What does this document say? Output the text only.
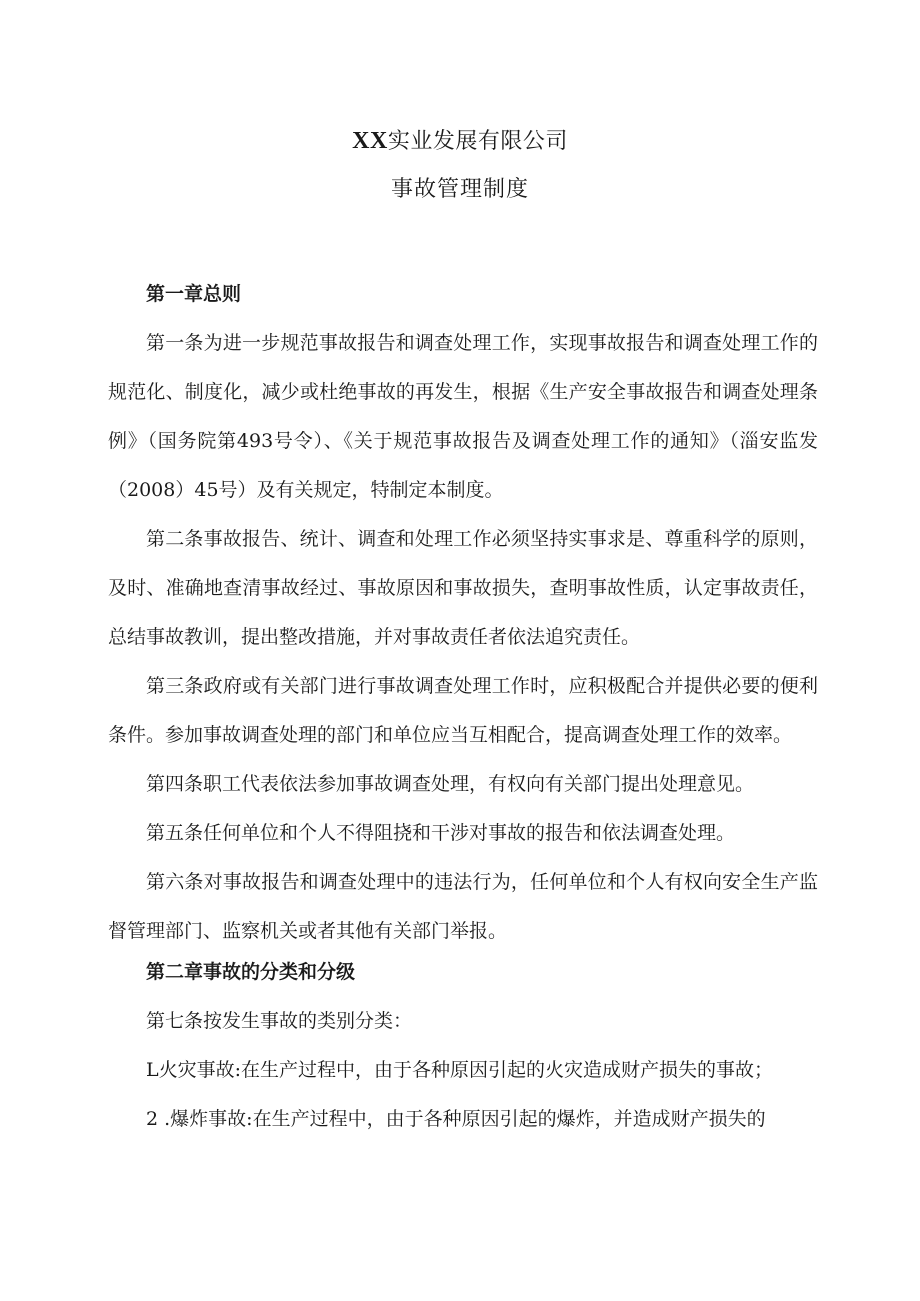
XX实业发展有限公司
事故管理制度

第一章总则

第一条为进一步规范事故报告和调查处理工作，实现事故报告和调查处理工作的规范化、制度化，减少或杜绝事故的再发生，根据《生产安全事故报告和调查处理条例》（国务院第493号令）、《关于规范事故报告及调查处理工作的通知》（淄安监发（2008）45号）及有关规定，特制定本制度。

第二条事故报告、统计、调查和处理工作必须坚持实事求是、尊重科学的原则，及时、准确地查清事故经过、事故原因和事故损失，查明事故性质，认定事故责任，总结事故教训，提出整改措施，并对事故责任者依法追究责任。

第三条政府或有关部门进行事故调查处理工作时，应积极配合并提供必要的便利条件。参加事故调查处理的部门和单位应当互相配合，提高调查处理工作的效率。

第四条职工代表依法参加事故调查处理，有权向有关部门提出处理意见。

第五条任何单位和个人不得阻挠和干涉对事故的报告和依法调查处理。

第六条对事故报告和调查处理中的违法行为，任何单位和个人有权向安全生产监督管理部门、监察机关或者其他有关部门举报。

第二章事故的分类和分级

第七条按发生事故的类别分类：

L火灾事故:在生产过程中，由于各种原因引起的火灾造成财产损失的事故；

2 .爆炸事故:在生产过程中，由于各种原因引起的爆炸，并造成财产损失的
